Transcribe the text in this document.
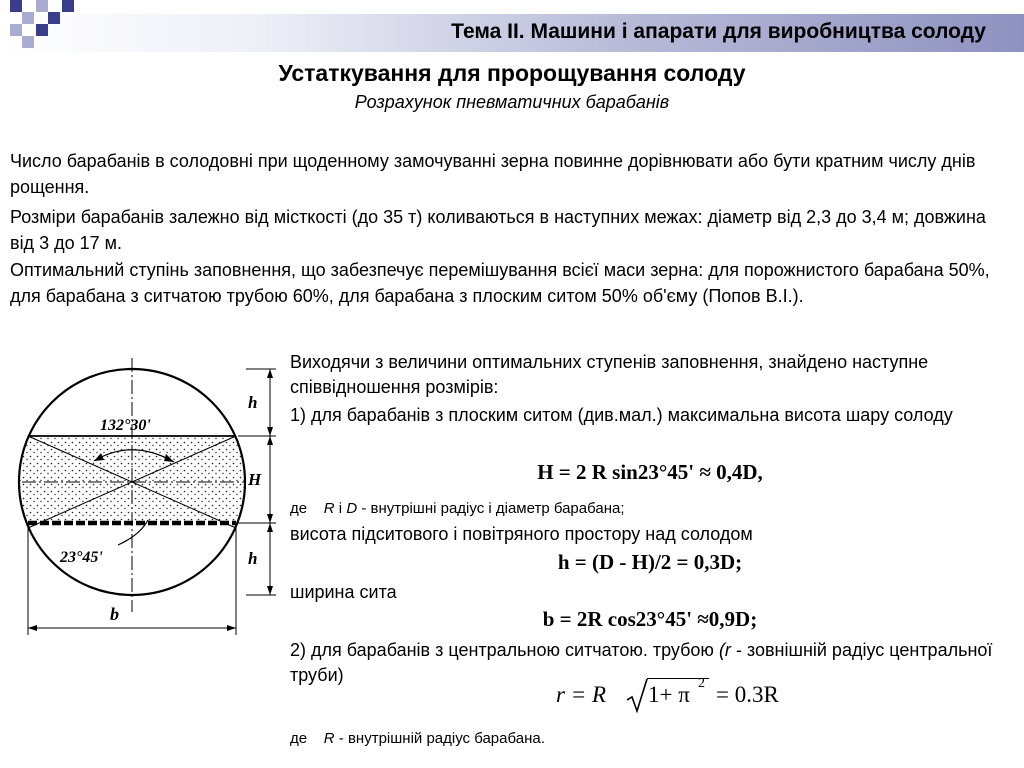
Тема II. Машини і апарати для виробництва солоду
Устаткування для пророщування солоду
Розрахунок пневматичних барабанів
Число барабанів в солодовні при щоденному замочуванні зерна повинне дорівнювати або бути кратним числу днів рощення.
Розміри барабанів залежно від місткості (до 35 т) коливаються в наступних межах: діаметр від 2,3 до 3,4 м; довжина від 3 до 17 м.
Оптимальний ступінь заповнення, що забезпечує перемішування всієї маси зерна: для порожнистого барабана 50%, для барабана з ситчатою трубою 60%, для барабана з плоским ситом 50% об'єму (Попов В.І.).
132°30'
23°45'
h
H
h
b
Виходячи з величини оптимальних ступенів заповнення, знайдено наступне співвідношення розмірів:
1) для барабанів з плоским ситом (див.мал.) максимальна висота шару солоду
H = 2 R sin23°45' ≈ 0,4D,
де R і D - внутрішні радіус і діаметр барабана;
висота підситового і повітряного простору над солодом
h = (D - H)/2 = 0,3D;
ширина сита
b = 2R cos23°45' ≈0,9D;
2) для барабанів з центральною ситчатою. трубою (r - зовнішній радіус центральної труби)
r = R 1+ π 2 = 0.3R
де R - внутрішній радіус барабана.
